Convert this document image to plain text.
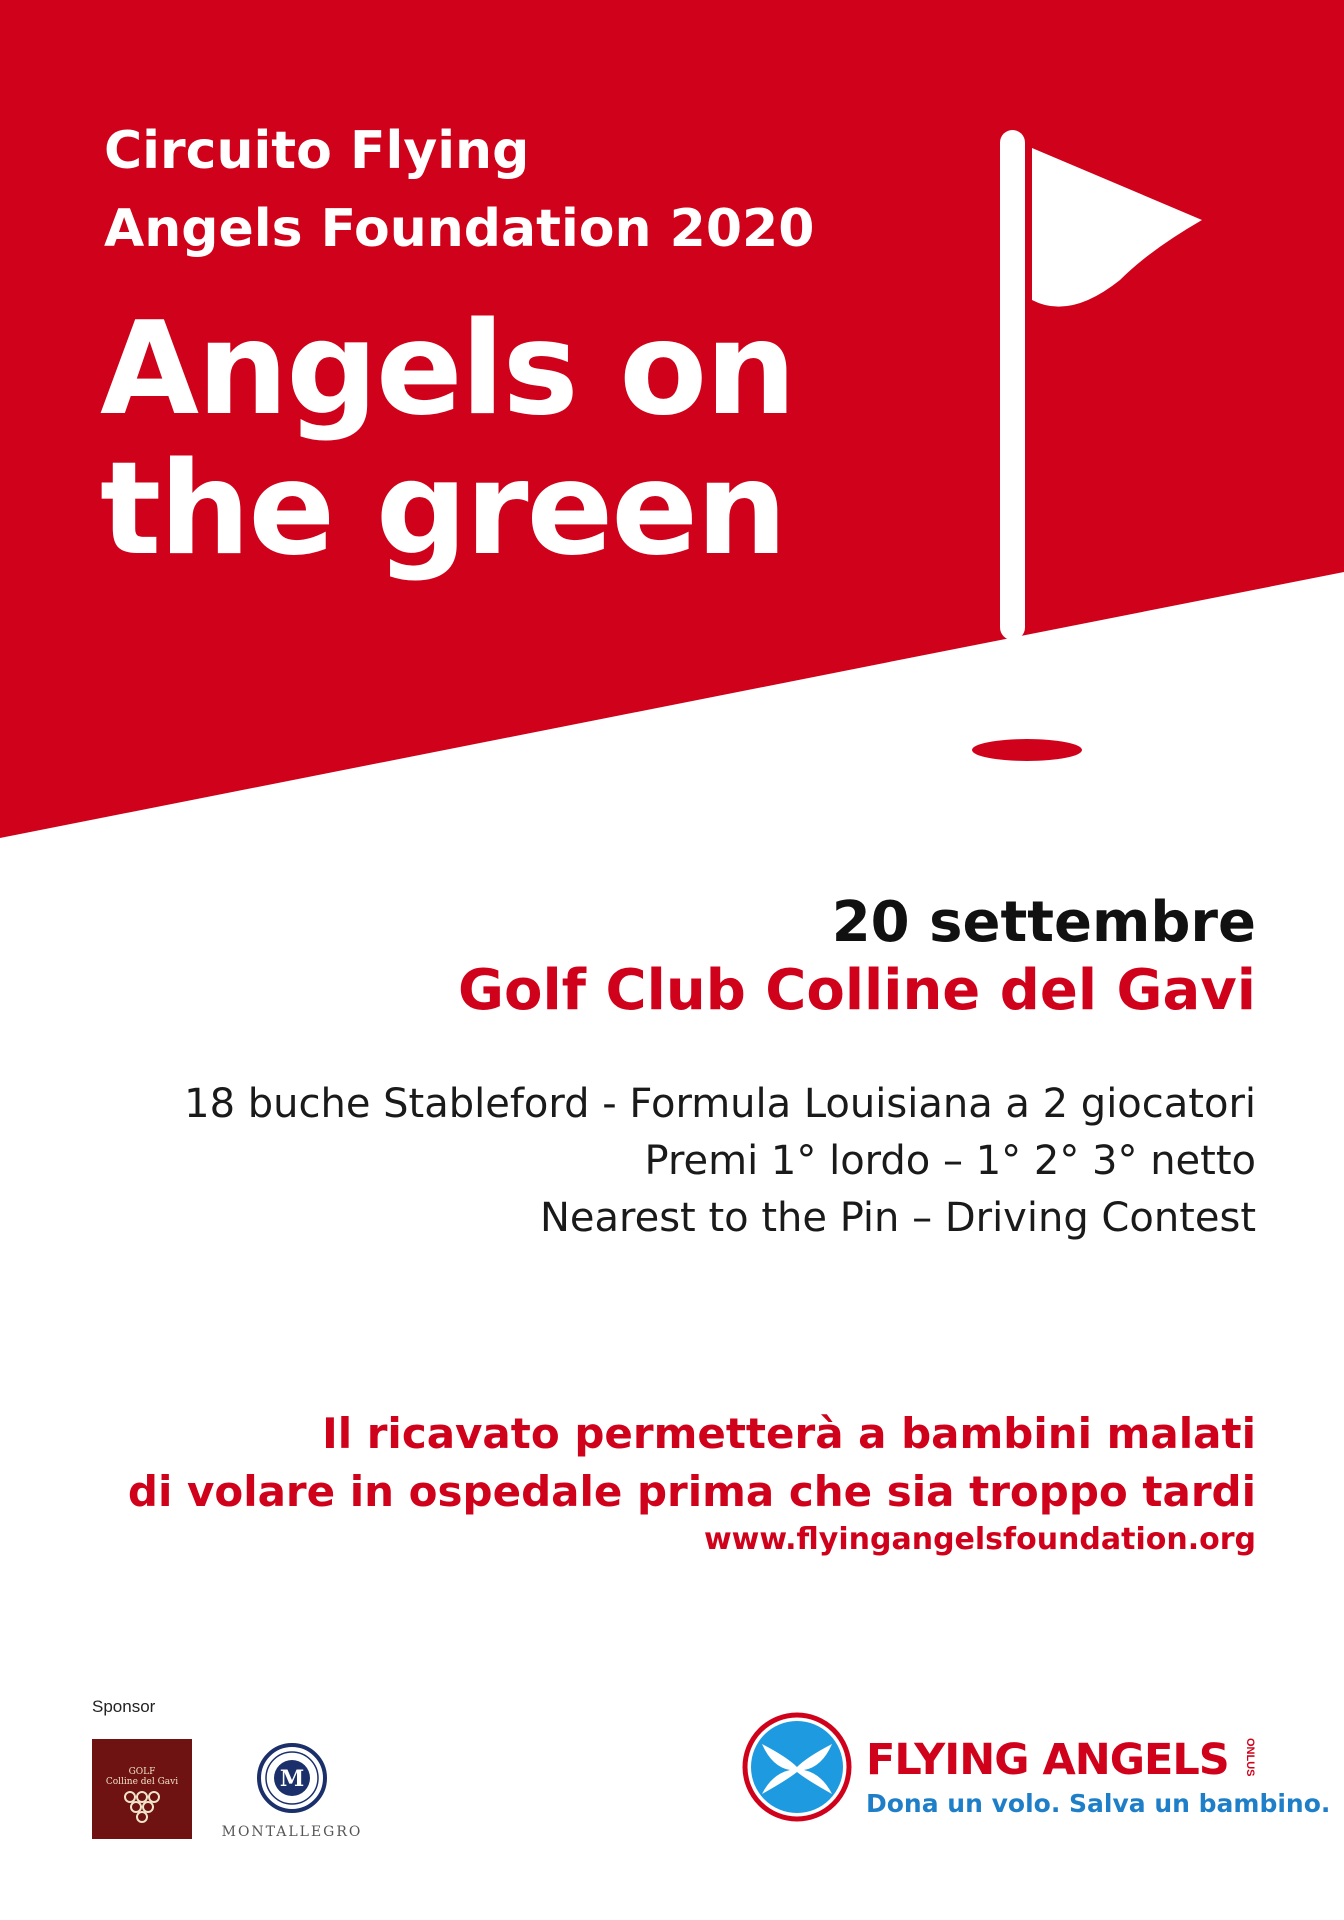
Circuito Flying
Angels Foundation 2020
Angels on
the green
20 settembre
Golf Club Colline del Gavi
18 buche Stableford - Formula Louisiana a 2 giocatori
Premi 1° lordo – 1° 2° 3° netto
Nearest to the Pin – Driving Contest
Il ricavato permetterà a bambini malati
di volare in ospedale prima che sia troppo tardi
www.flyingangelsfoundation.org
Sponsor
GOLF
Colline del Gavi	M
MONTALLEGRO
FLYING ANGELS ONLUS
Dona un volo. Salva un bambino.
